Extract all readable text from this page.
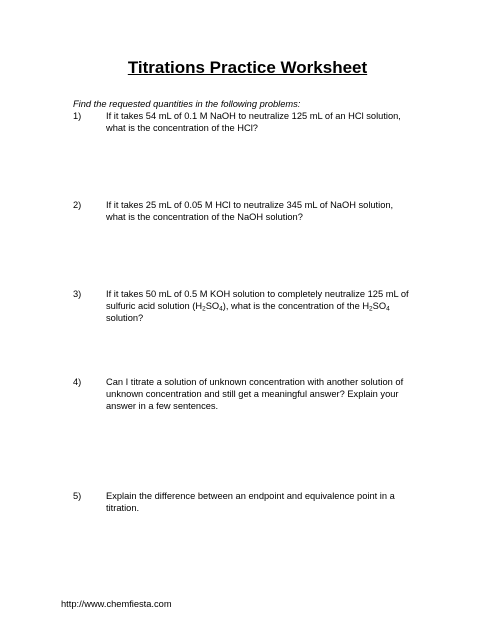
Titrations Practice Worksheet
Find the requested quantities in the following problems:
1)	If it takes 54 mL of 0.1 M NaOH to neutralize 125 mL of an HCl solution,
what is the concentration of the HCl?
2)	If it takes 25 mL of 0.05 M HCl to neutralize 345 mL of NaOH solution,
what is the concentration of the NaOH solution?
3)	If it takes 50 mL of 0.5 M KOH solution to completely neutralize 125 mL of
sulfuric acid solution $(H_2SO_4)$, what is the concentration of the $H_2SO_4$
solution?
4)	Can I titrate a solution of unknown concentration with another solution of
unknown concentration and still get a meaningful answer? Explain your
answer in a few sentences.
5)	Explain the difference between an endpoint and equivalence point in a
titration.
http://www.chemfiesta.com
